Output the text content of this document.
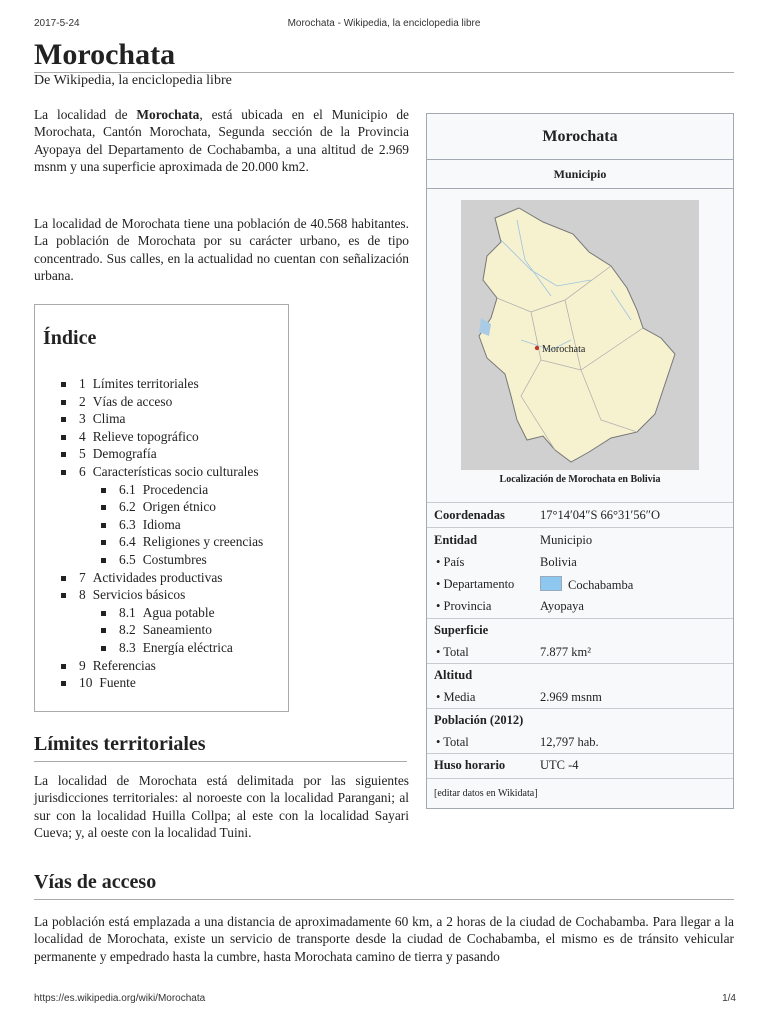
2017-5-24	Morochata - Wikipedia, la enciclopedia libre
https://es.wikipedia.org/wiki/Morochata	1/4
Morochata
De Wikipedia, la enciclopedia libre

La localidad de Morochata, está ubicada en el Municipio de Morochata, Cantón Morochata, Segunda sección de la Provincia Ayopaya del Departamento de Cochabamba, a una altitud de 2.969 msnm y una superficie aproximada de 20.000 km2.

La localidad de Morochata tiene una población de 40.568 habitantes. La población de Morochata por su carácter urbano, es de tipo concentrado. Sus calles, en la actualidad no cuentan con señalización urbana.

Índice
1 Límites territoriales
2 Vías de acceso
3 Clima
4 Relieve topográfico
5 Demografía
6 Características socio culturales
6.1 Procedencia
6.2 Origen étnico
6.3 Idioma
6.4 Religiones y creencias
6.5 Costumbres
7 Actividades productivas
8 Servicios básicos
8.1 Agua potable
8.2 Saneamiento
8.3 Energía eléctrica
9 Referencias
10 Fuente
Límites territoriales

La localidad de Morochata está delimitada por las siguientes jurisdicciones territoriales: al noroeste con la localidad Parangani; al sur con la localidad Huilla Collpa; al este con la localidad Sayari Cueva; y, al oeste con la localidad Tuini.

Vías de acceso

La población está emplazada a una distancia de aproximadamente 60 km, a 2 horas de la ciudad de Cochabamba. Para llegar a la localidad de Morochata, existe un servicio de transporte desde la ciudad de Cochabamba, el mismo es de tránsito vehicular permanente y empedrado hasta la cumbre, hasta Morochata camino de tierra y pasando

Morochata
Municipio
Morochata
Localización de Morochata en Bolivia
Coordenadas	17°14′04″S 66°31′56″O
Entidad	Municipio
• País	Bolivia
• Departamento	Cochabamba
• Provincia	Ayopaya
Superficie
• Total	7.877 km²
Altitud
• Media	2.969 msnm
Población (2012)
• Total	12,797 hab.
Huso horario	UTC -4
[editar datos en Wikidata]
